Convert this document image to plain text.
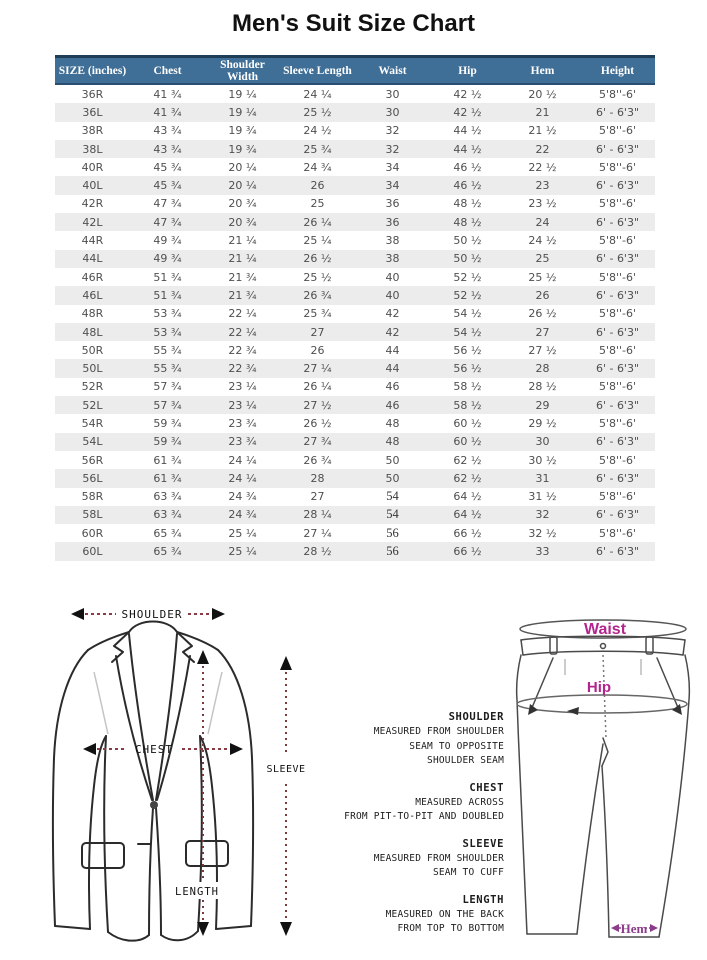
Men's Suit Size Chart
SIZE (inches)	Chest	Shoulder Width	Sleeve Length	Waist	Hip	Hem	Height
36R	41 ¾	19 ¼	24 ¼	30	42 ½	20 ½	5'8''-6'
36L	41 ¾	19 ¼	25 ½	30	42 ½	21	6' - 6'3"
38R	43 ¾	19 ¾	24 ½	32	44 ½	21 ½	5'8''-6'
38L	43 ¾	19 ¾	25 ¾	32	44 ½	22	6' - 6'3"
40R	45 ¾	20 ¼	24 ¾	34	46 ½	22 ½	5'8''-6'
40L	45 ¾	20 ¼	26	34	46 ½	23	6' - 6'3"
42R	47 ¾	20 ¾	25	36	48 ½	23 ½	5'8''-6'
42L	47 ¾	20 ¾	26 ¼	36	48 ½	24	6' - 6'3"
44R	49 ¾	21 ¼	25 ¼	38	50 ½	24 ½	5'8''-6'
44L	49 ¾	21 ¼	26 ½	38	50 ½	25	6' - 6'3"
46R	51 ¾	21 ¾	25 ½	40	52 ½	25 ½	5'8''-6'
46L	51 ¾	21 ¾	26 ¾	40	52 ½	26	6' - 6'3"
48R	53 ¾	22 ¼	25 ¾	42	54 ½	26 ½	5'8''-6'
48L	53 ¾	22 ¼	27	42	54 ½	27	6' - 6'3"
50R	55 ¾	22 ¾	26	44	56 ½	27 ½	5'8''-6'
50L	55 ¾	22 ¾	27 ¼	44	56 ½	28	6' - 6'3"
52R	57 ¾	23 ¼	26 ¼	46	58 ½	28 ½	5'8''-6'
52L	57 ¾	23 ¼	27 ½	46	58 ½	29	6' - 6'3"
54R	59 ¾	23 ¾	26 ½	48	60 ½	29 ½	5'8''-6'
54L	59 ¾	23 ¾	27 ¾	48	60 ½	30	6' - 6'3"
56R	61 ¾	24 ¼	26 ¾	50	62 ½	30 ½	5'8''-6'
56L	61 ¾	24 ¼	28	50	62 ½	31	6' - 6'3"
58R	63 ¾	24 ¾	27	54	64 ½	31 ½	5'8''-6'
58L	63 ¾	24 ¾	28 ¼	54	64 ½	32	6' - 6'3"
60R	65 ¾	25 ¼	27 ¼	56	66 ½	32 ½	5'8''-6'
60L	65 ¾	25 ¼	28 ½	56	66 ½	33	6' - 6'3"
SHOULDER
CHEST
LENGTH
SLEEVE
SHOULDER
MEASURED FROM SHOULDER
SEAM TO OPPOSITE
SHOULDER SEAM
CHEST
MEASURED ACROSS
FROM PIT-TO-PIT AND DOUBLED
SLEEVE
MEASURED FROM SHOULDER
SEAM TO CUFF
LENGTH
MEASURED ON THE BACK
FROM TOP TO BOTTOM
Waist
Hip
Hem
